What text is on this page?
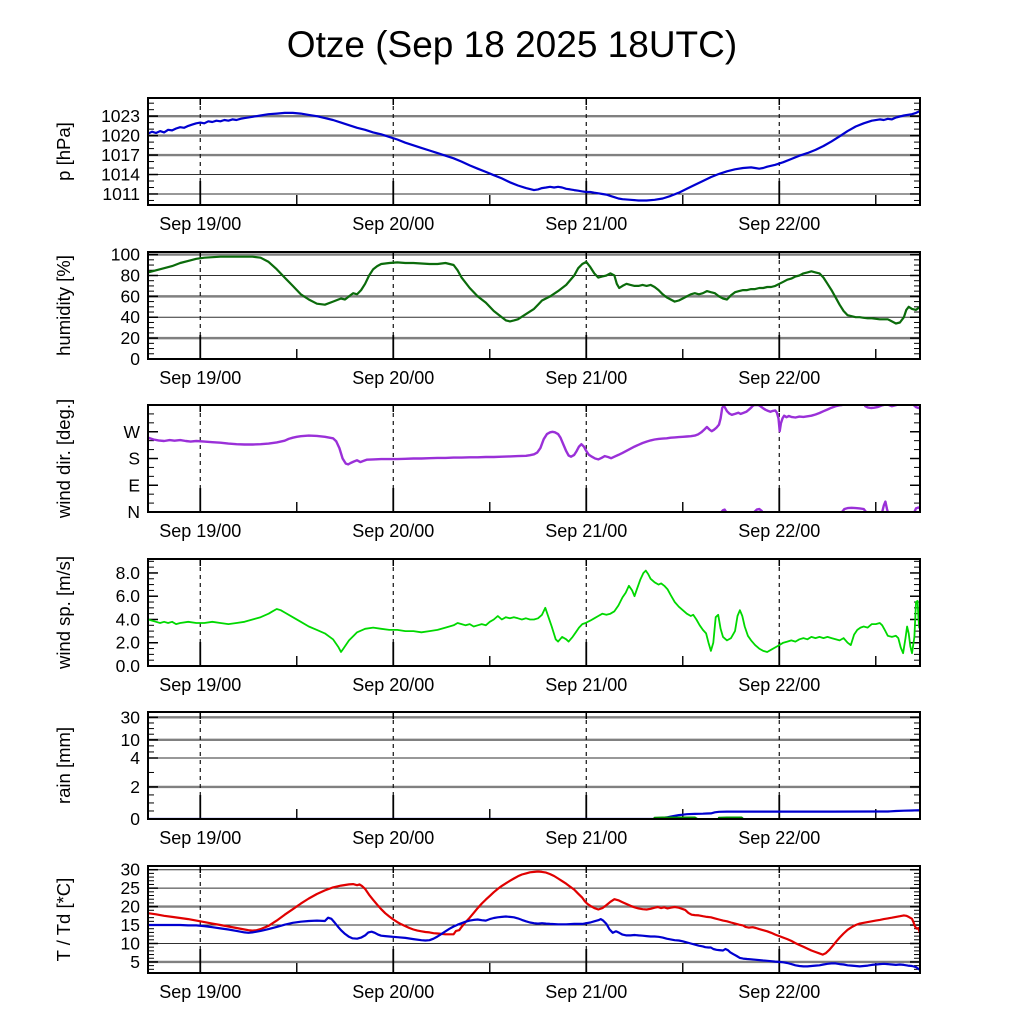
Otze (Sep 18 2025 18UTC)
1011
1014
1017
1020
1023
Sep 19/00	Sep 20/00	Sep 21/00	Sep 22/00
p [hPa]
0
20
40
60
80
100
Sep 19/00	Sep 20/00	Sep 21/00	Sep 22/00
humidity [%]
N
E
S
W
Sep 19/00	Sep 20/00	Sep 21/00	Sep 22/00
wind dir. [deg.]
0.0
2.0
4.0
6.0
8.0
Sep 19/00	Sep 20/00	Sep 21/00	Sep 22/00
wind sp. [m/s]
0
2
4
10
30
Sep 19/00	Sep 20/00	Sep 21/00	Sep 22/00
rain [mm]
5
10
15
20
25
30
Sep 19/00	Sep 20/00	Sep 21/00	Sep 22/00
T / Td [*C]
